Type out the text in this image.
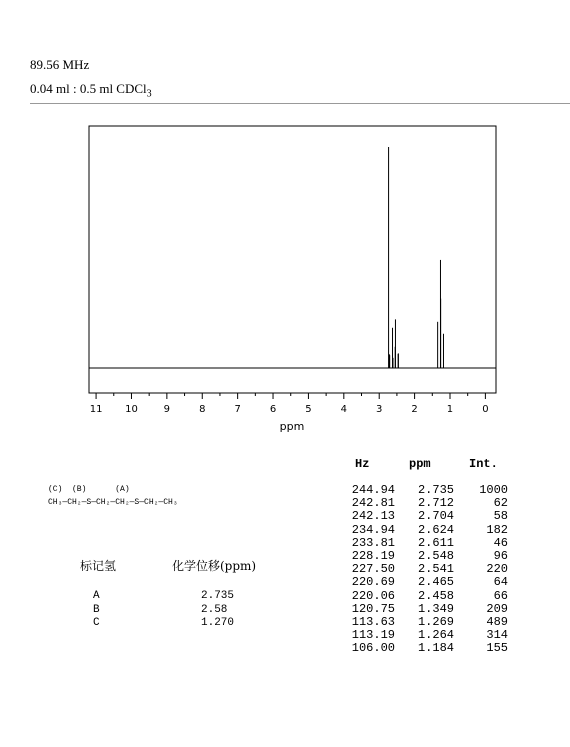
89.56 MHz
0.04 ml : 0.5 ml CDCl$_3$
11 10	9	8	7	6	5	4	3	2	1	0
ppm
Hz	ppm	Int.
244.94	2.735	1000
242.81	2.712	62
242.13	2.704	58
234.94	2.624	182
233.81	2.611	46
228.19	2.548	96
227.50	2.541	220
220.69	2.465	64
220.06	2.458	66
120.75	1.349	209
113.63	1.269	489
113.19	1.264	314
106.00	1.184	155
(C)  (B)      (A)
CH₃—CH₂—S—CH₂—CH₂—S—CH₂—CH₃
标记氢	化学位移(ppm)
A	2.735
B	2.58
C	1.270
